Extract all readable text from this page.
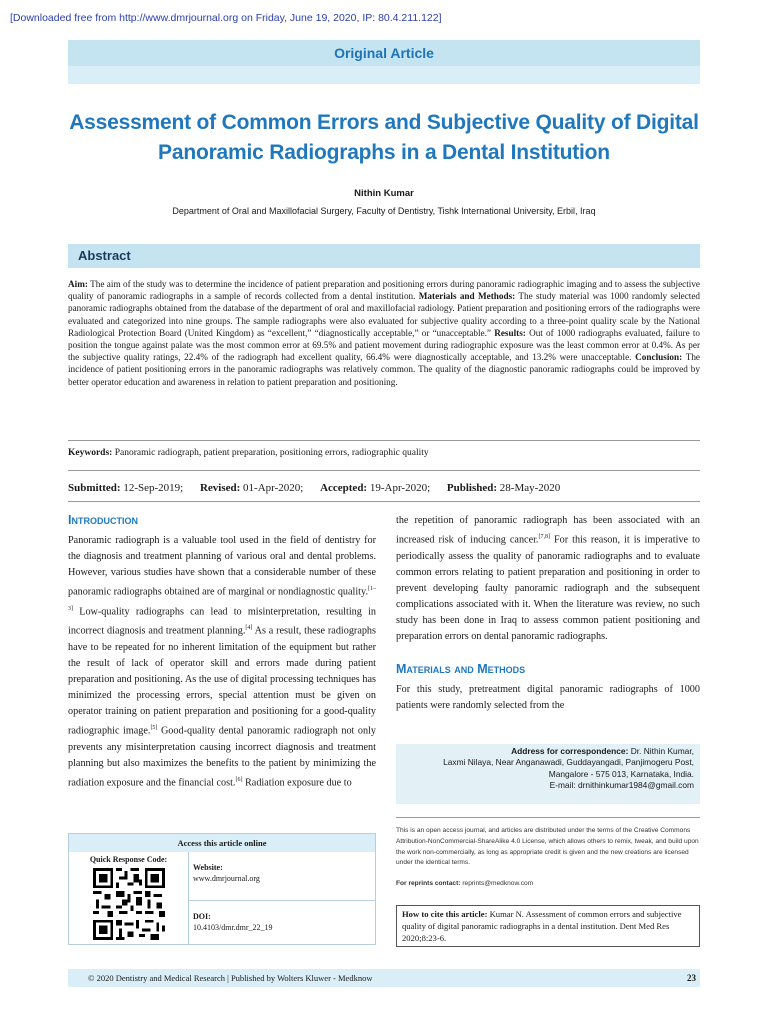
[Downloaded free from http://www.dmrjournal.org on Friday, June 19, 2020, IP: 80.4.211.122]
Original Article
Assessment of Common Errors and Subjective Quality of Digital Panoramic Radiographs in a Dental Institution
Nithin Kumar
Department of Oral and Maxillofacial Surgery, Faculty of Dentistry, Tishk International University, Erbil, Iraq
Abstract
Aim: The aim of the study was to determine the incidence of patient preparation and positioning errors during panoramic radiographic imaging and to assess the subjective quality of panoramic radiographs in a sample of records collected from a dental institution. Materials and Methods: The study material was 1000 randomly selected panoramic radiographs obtained from the database of the department of oral and maxillofacial radiology. Patient preparation and positioning errors of the radiographs were evaluated and categorized into nine groups. The sample radiographs were also evaluated for subjective quality according to a three-point quality scale by the National Radiological Protection Board (United Kingdom) as “excellent,” “diagnostically acceptable,” or “unacceptable.” Results: Out of 1000 radiographs evaluated, failure to position the tongue against palate was the most common error at 69.5% and patient movement during radiographic exposure was the least common error at 0.4%. As per the subjective quality ratings, 22.4% of the radiograph had excellent quality, 66.4% were diagnostically acceptable, and 13.2% were unacceptable. Conclusion: The incidence of patient positioning errors in the panoramic radiographs was relatively common. The quality of the diagnostic panoramic radiographs could be improved by better operator education and awareness in relation to patient preparation and positioning.
Keywords: Panoramic radiograph, patient preparation, positioning errors, radiographic quality
Submitted: 12-Sep-2019; Revised: 01-Apr-2020; Accepted: 19-Apr-2020; Published: 28-May-2020
Introduction

Panoramic radiograph is a valuable tool used in the field of dentistry for the diagnosis and treatment planning of various oral and dental problems. However, various studies have shown that a considerable number of these panoramic radiographs obtained are of marginal or nondiagnostic quality.[1–3] Low-quality radiographs can lead to misinterpretation, resulting in incorrect diagnosis and treatment planning.[4] As a result, these radiographs have to be repeated for no inherent limitation of the equipment but rather the result of lack of operator skill and errors made during patient preparation and positioning. As the use of digital processing techniques has minimized the processing errors, special attention must be given on operator training on patient preparation and positioning for a good-quality radiographic image.[5] Good-quality dental panoramic radiograph not only prevents any misinterpretation causing incorrect diagnosis and treatment planning but also maximizes the benefits to the patient by minimizing the radiation exposure and the financial cost.[6] Radiation exposure due to

the repetition of panoramic radiograph has been associated with an increased risk of inducing cancer.[7,8] For this reason, it is imperative to periodically assess the quality of panoramic radiographs and to evaluate common errors relating to patient preparation and positioning in order to prevent developing faulty panoramic radiograph and the subsequent complications associated with it. When the literature was review, no such study has been done in Iraq to assess common patient positioning and preparation errors on dental panoramic radiographs.

Materials and Methods

For this study, pretreatment digital panoramic radiographs of 1000 patients were randomly selected from the

Access this article online
Quick Response Code:
Website:
www.dmrjournal.org
DOI:
10.4103/dmr.dmr_22_19
Address for correspondence: Dr. Nithin Kumar,
Laxmi Nilaya, Near Anganawadi, Guddayangadi, Panjimogeru Post,
Mangalore - 575 013, Karnataka, India.
E-mail: drnithinkumar1984@gmail.com
This is an open access journal, and articles are distributed under the terms of the Creative Commons Attribution-NonCommercial-ShareAlike 4.0 License, which allows others to remix, tweak, and build upon the work non-commercially, as long as appropriate credit is given and the new creations are licensed under the identical terms.
For reprints contact: reprints@medknow.com
How to cite this article: Kumar N. Assessment of common errors and subjective quality of digital panoramic radiographs in a dental institution. Dent Med Res 2020;8:23-6.
© 2020 Dentistry and Medical Research | Published by Wolters Kluwer - Medknow	23
